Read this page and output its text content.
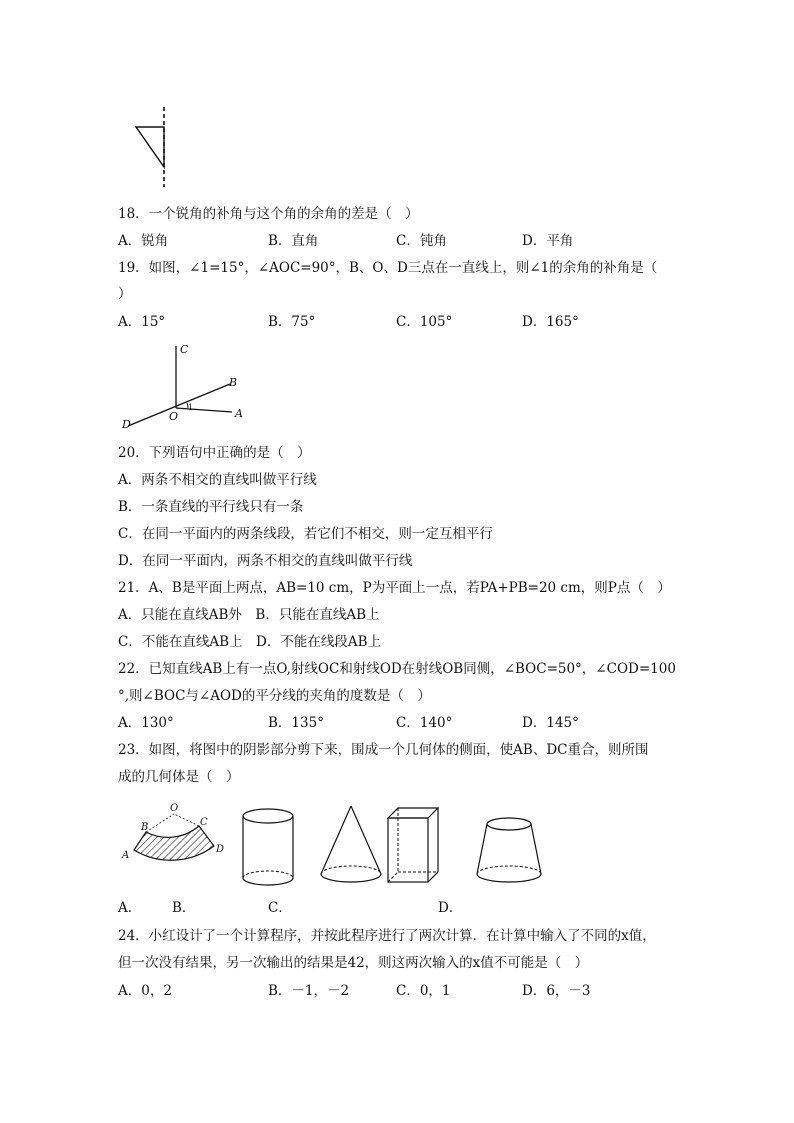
18．一个锐角的补角与这个角的余角的差是（　）
A．锐角	B．直角	C．钝角	D．平角
19．如图，∠1=15°，∠AOC=90°，B、O、D三点在一直线上，则∠1的余角的补角是（
）
A．15°	B．75°	C．105°	D．165°
C
B
A
D
O
1
20．下列语句中正确的是（　）
A．两条不相交的直线叫做平行线
B．一条直线的平行线只有一条
C．在同一平面内的两条线段，若它们不相交，则一定互相平行
D．在同一平面内，两条不相交的直线叫做平行线
21．A、B是平面上两点，AB=10 cm，P为平面上一点，若PA+PB=20 cm，则P点（　）
A．只能在直线AB外　B．只能在直线AB上
C．不能在直线AB上　D．不能在线段AB上
22．已知直线AB上有一点O,射线OC和射线OD在射线OB同侧，∠BOC=50°，∠COD=100
°,则∠BOC与∠AOD的平分线的夹角的度数是（　）
A．130°	B．135°	C．140°	D．145°
23．如图，将图中的阴影部分剪下来，围成一个几何体的侧面，使AB、DC重合，则所围
成的几何体是（　）
O
B	C
A
D
A． B．	C．	D．
24．小红设计了一个计算程序，并按此程序进行了两次计算．在计算中输入了不同的x值，
但一次没有结果，另一次输出的结果是42，则这两次输入的x值不可能是（　）
A．0，2	B．－1，－2	C．0，1	D．6，－3
